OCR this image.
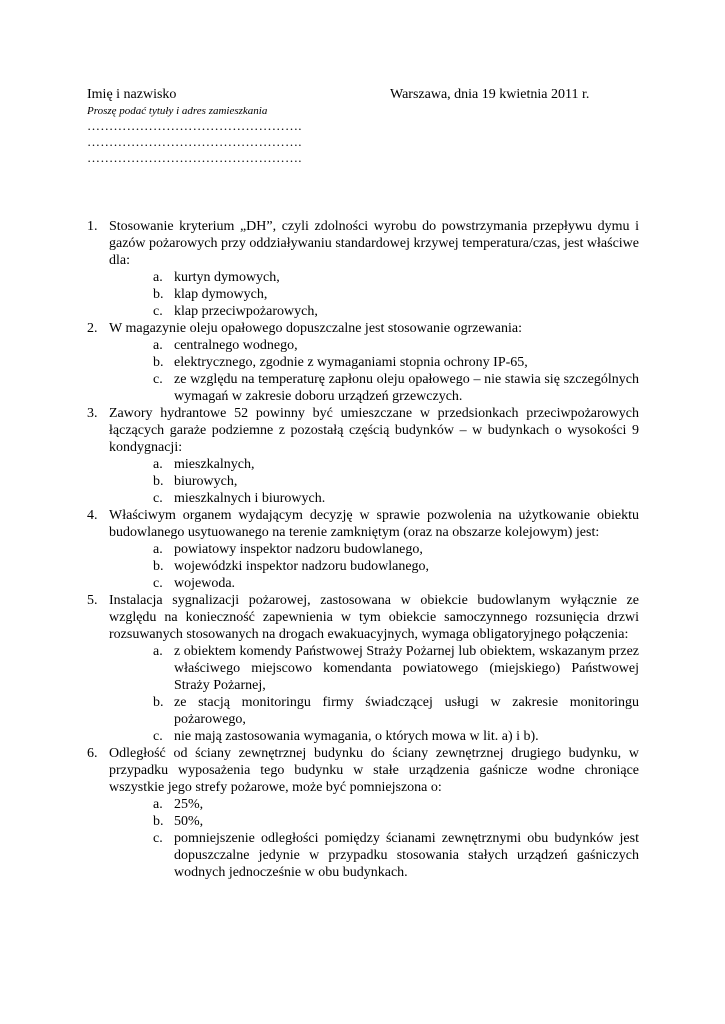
Imię i nazwisko
Proszę podać tytuły i adres zamieszkania
………………………………………….
………………………………………….
………………………………………….
Warszawa, dnia 19 kwietnia 2011 r.
1. Stosowanie kryterium „DH”, czyli zdolności wyrobu do powstrzymania przepływu dymu i gazów pożarowych przy oddziaływaniu standardowej krzywej temperatura/czas, jest właściwe dla:
a. kurtyn dymowych,
b. klap dymowych,
c. klap przeciwpożarowych,
2. W magazynie oleju opałowego dopuszczalne jest stosowanie ogrzewania:
a. centralnego wodnego,
b. elektrycznego, zgodnie z wymaganiami stopnia ochrony IP-65,
c. ze względu na temperaturę zapłonu oleju opałowego – nie stawia się szczególnych wymagań w zakresie doboru urządzeń grzewczych.
3. Zawory hydrantowe 52 powinny być umieszczane w przedsionkach przeciwpożarowych łączących garaże podziemne z pozostałą częścią budynków – w budynkach o wysokości 9 kondygnacji:
a. mieszkalnych,
b. biurowych,
c. mieszkalnych i biurowych.
4. Właściwym organem wydającym decyzję w sprawie pozwolenia na użytkowanie obiektu budowlanego usytuowanego na terenie zamkniętym (oraz na obszarze kolejowym) jest:
a. powiatowy inspektor nadzoru budowlanego,
b. wojewódzki inspektor nadzoru budowlanego,
c. wojewoda.
5. Instalacja sygnalizacji pożarowej, zastosowana w obiekcie budowlanym wyłącznie ze względu na konieczność zapewnienia w tym obiekcie samoczynnego rozsunięcia drzwi rozsuwanych stosowanych na drogach ewakuacyjnych, wymaga obligatoryjnego połączenia:
a. z obiektem komendy Państwowej Straży Pożarnej lub obiektem, wskazanym przez właściwego miejscowo komendanta powiatowego (miejskiego) Państwowej Straży Pożarnej,
b. ze stacją monitoringu firmy świadczącej usługi w zakresie monitoringu pożarowego,
c. nie mają zastosowania wymagania, o których mowa w lit. a) i b).
6. Odległość od ściany zewnętrznej budynku do ściany zewnętrznej drugiego budynku, w przypadku wyposażenia tego budynku w stałe urządzenia gaśnicze wodne chroniące wszystkie jego strefy pożarowe, może być pomniejszona o:
a. 25%,
b. 50%,
c. pomniejszenie odległości pomiędzy ścianami zewnętrznymi obu budynków jest dopuszczalne jedynie w przypadku stosowania stałych urządzeń gaśniczych wodnych jednocześnie w obu budynkach.
